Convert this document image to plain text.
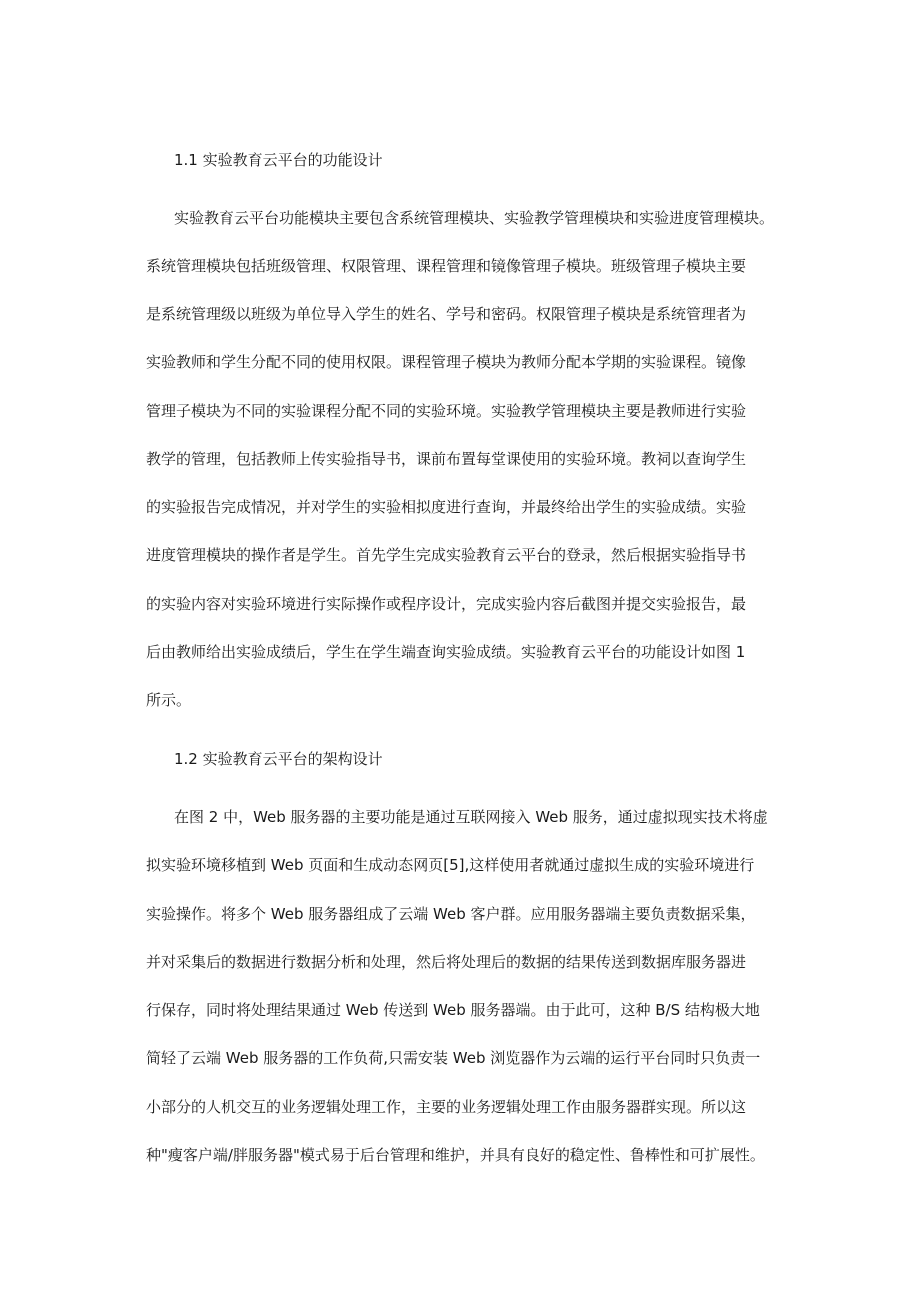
1.1 实验教育云平台的功能设计
实验教育云平台功能模块主要包含系统管理模块、实验教学管理模块和实验进度管理模块。
系统管理模块包括班级管理、权限管理、课程管理和镜像管理子模块。班级管理子模块主要
是系统管理级以班级为单位导入学生的姓名、学号和密码。权限管理子模块是系统管理者为
实验教师和学生分配不同的使用权限。课程管理子模块为教师分配本学期的实验课程。镜像
管理子模块为不同的实验课程分配不同的实验环境。实验教学管理模块主要是教师进行实验
教学的管理，包括教师上传实验指导书，课前布置每堂课使用的实验环境。教祠以查询学生
的实验报告完成情况，并对学生的实验相拟度进行查询，并最终给出学生的实验成绩。实验
进度管理模块的操作者是学生。首先学生完成实验教育云平台的登录，然后根据实验指导书
的实验内容对实验环境进行实际操作或程序设计，完成实验内容后截图并提交实验报告，最
后由教师给出实验成绩后，学生在学生端查询实验成绩。实验教育云平台的功能设计如图 1
所示。
1.2 实验教育云平台的架构设计
在图 2 中，Web 服务器的主要功能是通过互联网接入 Web 服务，通过虚拟现实技术将虚
拟实验环境移植到 Web 页面和生成动态网页[5],这样使用者就通过虚拟生成的实验环境进行
实验操作。将多个 Web 服务器组成了云端 Web 客户群。应用服务器端主要负责数据采集，
并对采集后的数据进行数据分析和处理，然后将处理后的数据的结果传送到数据库服务器进
行保存，同时将处理结果通过 Web 传送到 Web 服务器端。由于此可，这种 B/S 结构极大地
简轻了云端 Web 服务器的工作负荷,只需安装 Web 浏览器作为云端的运行平台同时只负责一
小部分的人机交互的业务逻辑处理工作，主要的业务逻辑处理工作由服务器群实现。所以这
种"瘦客户端/胖服务器"模式易于后台管理和维护，并具有良好的稳定性、鲁棒性和可扩展性。
